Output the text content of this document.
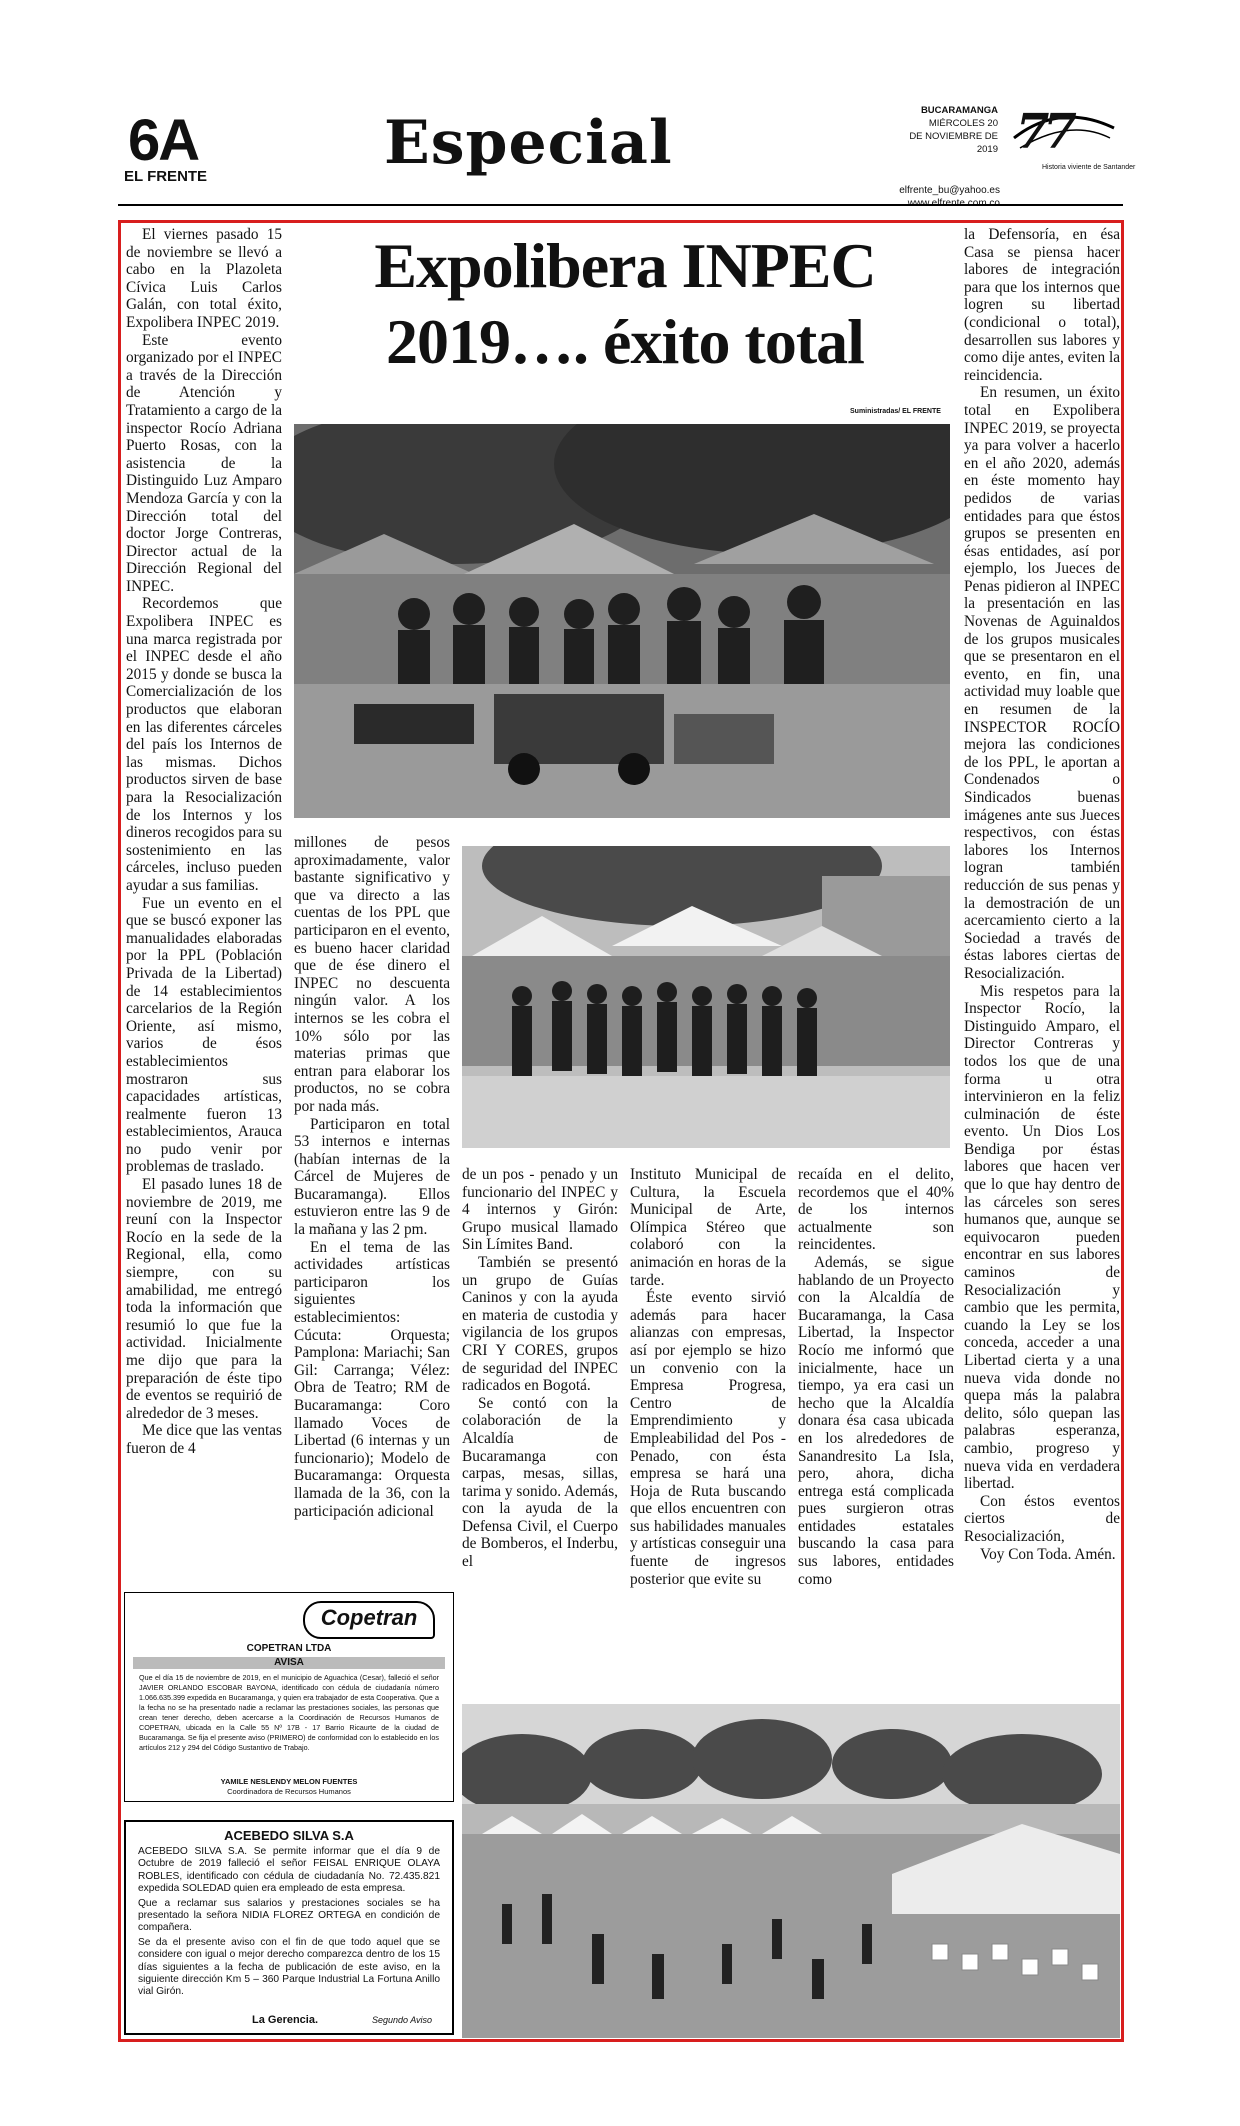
6A
EL FRENTE	Especial	BUCARAMANGA
MIÉRCOLES 20
DE NOVIEMBRE DE 2019
elfrente_bu@yahoo.es
77
Historia viviente de Santander
Expolibera INPEC 2019…. éxito total
Suministradas/ EL FRENTE

El viernes pasado 15 de noviembre se llevó a cabo en la Plazoleta Cívica Luis Carlos Galán, con total éxito, Expolibera INPEC 2019.

Este evento organizado por el INPEC a través de la Dirección de Atención y Tratamiento a cargo de la inspector Rocío Adriana Puerto Rosas, con la asistencia de la Distinguido Luz Amparo Mendoza García y con la Dirección total del doctor Jorge Contreras, Director actual de la Dirección Regional del INPEC.

Recordemos que Expolibera INPEC es una marca registrada por el INPEC desde el año 2015 y donde se busca la Comercialización de los productos que elaboran en las diferentes cárceles del país los Internos de las mismas. Dichos productos sirven de base para la Resocialización de los Internos y los dineros recogidos para su sostenimiento en las cárceles, incluso pueden ayudar a sus familias.

Fue un evento en el que se buscó exponer las manualidades elaboradas por la PPL (Población Privada de la Libertad) de 14 establecimientos carcelarios de la Región Oriente, así mismo, varios de ésos establecimientos mostraron sus capacidades artísticas, realmente fueron 13 establecimientos, Arauca no pudo venir por problemas de traslado.

El pasado lunes 18 de noviembre de 2019, me reuní con la Inspector Rocío en la sede de la Regional, ella, como siempre, con su amabilidad, me entregó toda la información que resumió lo que fue la actividad. Inicialmente me dijo que para la preparación de éste tipo de eventos se requirió de alrededor de 3 meses.

Me dice que las ventas fueron de 4

millones de pesos aproximadamente, valor bastante significativo y que va directo a las cuentas de los PPL que participaron en el evento, es bueno hacer claridad que de ése dinero el INPEC no descuenta ningún valor. A los internos se les cobra el 10% sólo por las materias primas que entran para elaborar los productos, no se cobra por nada más.

Participaron en total 53 internos e internas (habían internas de la Cárcel de Mujeres de Bucaramanga). Ellos estuvieron entre las 9 de la mañana y las 2 pm.

En el tema de las actividades artísticas participaron los siguientes establecimientos: Cúcuta: Orquesta; Pamplona: Mariachi; San Gil: Carranga; Vélez: Obra de Teatro; RM de Bucaramanga: Coro llamado Voces de Libertad (6 internas y un funcionario); Modelo de Bucaramanga: Orquesta llamada de la 36, con la participación adicional

de un pos - penado y un funcionario del INPEC y 4 internos y Girón: Grupo musical llamado Sin Límites Band.

También se presentó un grupo de Guías Caninos y con la ayuda en materia de custodia y vigilancia de los grupos CRI Y CORES, grupos de seguridad del INPEC radicados en Bogotá.

Se contó con la colaboración de la Alcaldía de Bucaramanga con carpas, mesas, sillas, tarima y sonido. Además, con la ayuda de la Defensa Civil, el Cuerpo de Bomberos, el Inderbu, el

Instituto Municipal de Cultura, la Escuela Municipal de Arte, Olímpica Stéreo que colaboró con la animación en horas de la tarde.

Éste evento sirvió además para hacer alianzas con empresas, así por ejemplo se hizo un convenio con la Empresa Progresa, Centro de Emprendimiento y Empleabilidad del Pos - Penado, con ésta empresa se hará una Hoja de Ruta buscando que ellos encuentren con sus habilidades manuales y artísticas conseguir una fuente de ingresos posterior que evite su

recaída en el delito, recordemos que el 40% de los internos actualmente son reincidentes.

Además, se sigue hablando de un Proyecto con la Alcaldía de Bucaramanga, la Casa Libertad, la Inspector Rocío me informó que inicialmente, hace un tiempo, ya era casi un hecho que la Alcaldía donara ésa casa ubicada en los alrededores de Sanandresito La Isla, pero, ahora, dicha entrega está complicada pues surgieron otras entidades estatales buscando la casa para sus labores, entidades como

la Defensoría, en ésa Casa se piensa hacer labores de integración para que los internos que logren su libertad (condicional o total), desarrollen sus labores y como dije antes, eviten la reincidencia.

En resumen, un éxito total en Expolibera INPEC 2019, se proyecta ya para volver a hacerlo en el año 2020, además en éste momento hay pedidos de varias entidades para que éstos grupos se presenten en ésas entidades, así por ejemplo, los Jueces de Penas pidieron al INPEC la presentación en las Novenas de Aguinaldos de los grupos musicales que se presentaron en el evento, en fin, una actividad muy loable que en resumen de la INSPECTOR ROCÍO mejora las condiciones de los PPL, le aportan a Condenados o Sindicados buenas imágenes ante sus Jueces respectivos, con éstas labores los Internos logran también reducción de sus penas y la demostración de un acercamiento cierto a la Sociedad a través de éstas labores ciertas de Resocialización.

Mis respetos para la Inspector Rocío, la Distinguido Amparo, el Director Contreras y todos los que de una forma u otra intervinieron en la feliz culminación de éste evento. Un Dios Los Bendiga por éstas labores que hacen ver que lo que hay dentro de las cárceles son seres humanos que, aunque se equivocaron pueden encontrar en sus labores caminos de Resocialización y cambio que les permita, cuando la Ley se los conceda, acceder a una Libertad cierta y a una nueva vida donde no quepa más la palabra delito, sólo quepan las palabras esperanza, cambio, progreso y nueva vida en verdadera libertad.

Con éstos eventos ciertos de Resocialización,

Voy Con Toda. Amén.

Copetran
COPETRAN LTDA
AVISA
Que el día 15 de noviembre de 2019, en el municipio de Aguachica (Cesar), falleció el señor JAVIER ORLANDO ESCOBAR BAYONA, identificado con cédula de ciudadanía número 1.066.635.399 expedida en Bucaramanga, y quien era trabajador de esta Cooperativa. Que a la fecha no se ha presentado nadie a reclamar las prestaciones sociales, las personas que crean tener derecho, deben acercarse a la Coordinación de Recursos Humanos de COPETRAN, ubicada en la Calle 55 Nº 17B - 17 Barrio Ricaurte de la ciudad de Bucaramanga. Se fija el presente aviso (PRIMERO) de conformidad con lo establecido en los artículos 212 y 294 del Código Sustantivo de Trabajo.
YAMILE NESLENDY MELON FUENTES
Coordinadora de Recursos Humanos
ACEBEDO SILVA S.A

ACEBEDO SILVA S.A. Se permite informar que el día 9 de Octubre de 2019 falleció el señor FEISAL ENRIQUE OLAYA ROBLES, identificado con cédula de ciudadanía No. 72.435.821 expedida SOLEDAD quien era empleado de esta empresa.

Que a reclamar sus salarios y prestaciones sociales se ha presentado la señora NIDIA FLOREZ ORTEGA en condición de compañera.

Se da el presente aviso con el fin de que todo aquel que se considere con igual o mejor derecho comparezca dentro de los 15 días siguientes a la fecha de publicación de este aviso, en la siguiente dirección Km 5 – 360 Parque Industrial La Fortuna Anillo vial Girón.

La Gerencia.	Segundo Aviso
